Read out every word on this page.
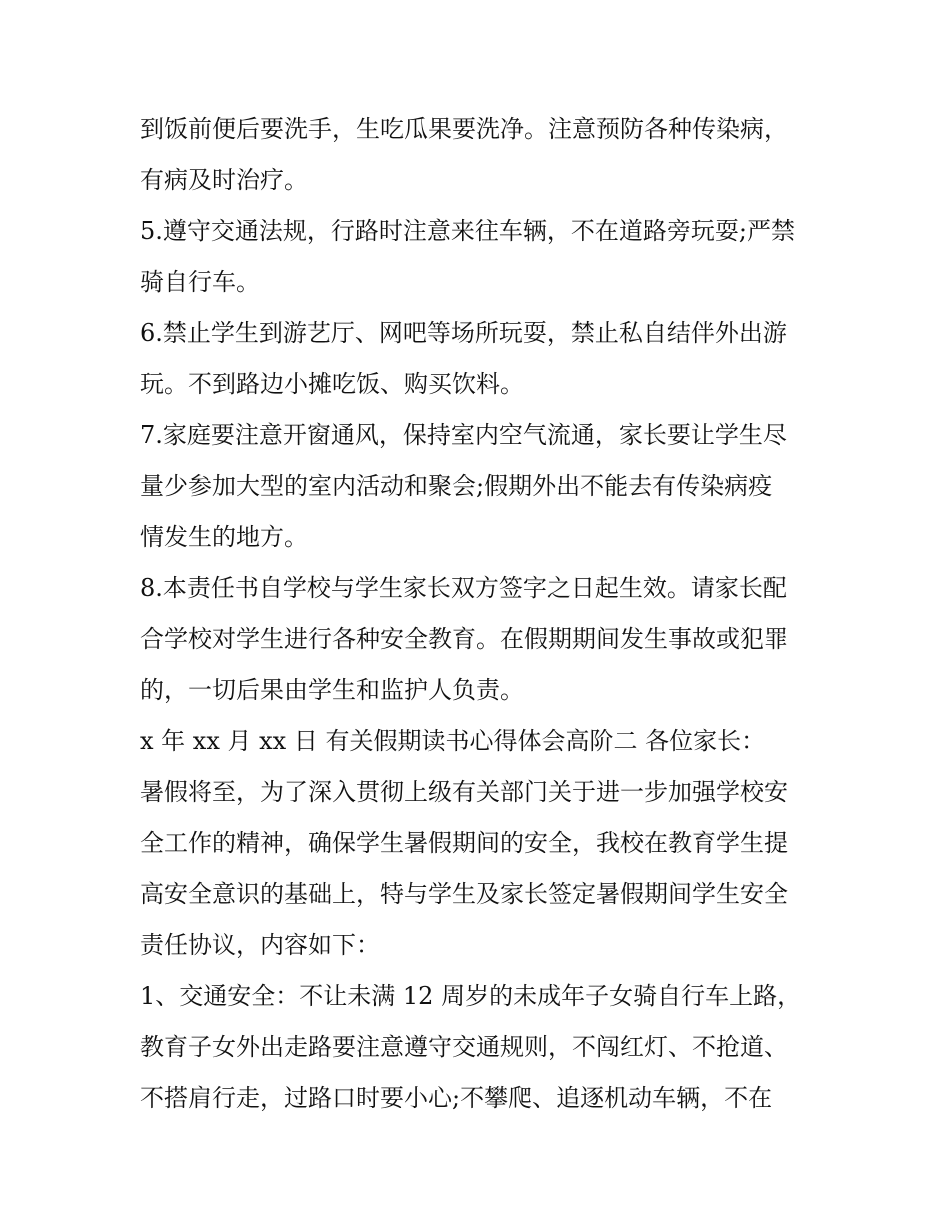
到饭前便后要洗手，生吃瓜果要洗净。注意预防各种传染病，
有病及时治疗。
5.遵守交通法规，行路时注意来往车辆，不在道路旁玩耍;严禁
骑自行车。
6.禁止学生到游艺厅、网吧等场所玩耍，禁止私自结伴外出游
玩。不到路边小摊吃饭、购买饮料。
7.家庭要注意开窗通风，保持室内空气流通，家长要让学生尽
量少参加大型的室内活动和聚会;假期外出不能去有传染病疫
情发生的地方。
8.本责任书自学校与学生家长双方签字之日起生效。请家长配
合学校对学生进行各种安全教育。在假期期间发生事故或犯罪
的，一切后果由学生和监护人负责。
x 年 xx 月 xx 日 有关假期读书心得体会高阶二 各位家长：
暑假将至，为了深入贯彻上级有关部门关于进一步加强学校安
全工作的精神，确保学生暑假期间的安全，我校在教育学生提
高安全意识的基础上，特与学生及家长签定暑假期间学生安全
责任协议，内容如下：
1、交通安全：不让未满 12 周岁的未成年子女骑自行车上路，
教育子女外出走路要注意遵守交通规则，不闯红灯、不抢道、
不搭肩行走，过路口时要小心;不攀爬、追逐机动车辆，不在
